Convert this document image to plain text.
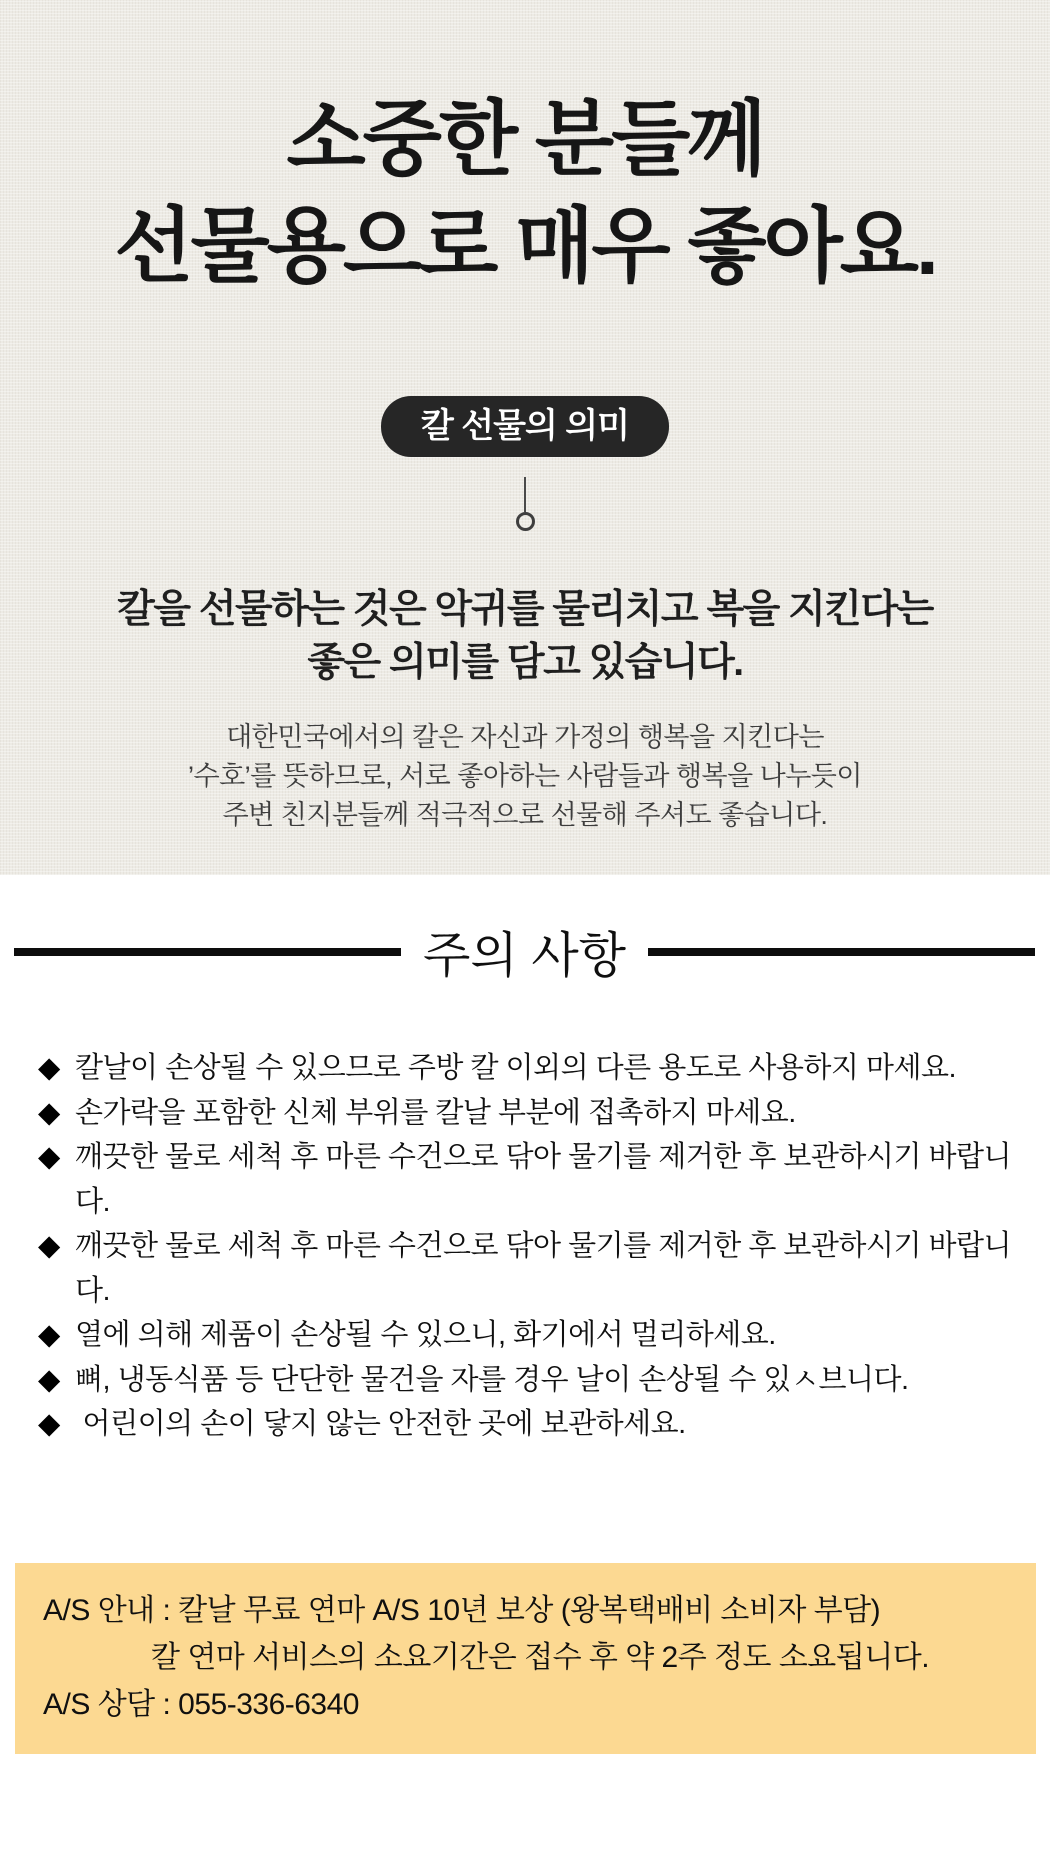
소중한 분들께
선물용으로 매우 좋아요.
칼 선물의 의미

칼을 선물하는 것은 악귀를 물리치고 복을 지킨다는
좋은 의미를 담고 있습니다.

대한민국에서의 칼은 자신과 가정의 행복을 지킨다는
’수호’를 뜻하므로, 서로 좋아하는 사람들과 행복을 나누듯이
주변 친지분들께 적극적으로 선물해 주셔도 좋습니다.

주의 사항
◆ 칼날이 손상될 수 있으므로 주방 칼 이외의 다른 용도로 사용하지 마세요.
◆ 손가락을 포함한 신체 부위를 칼날 부분에 접촉하지 마세요.
◆ 깨끗한 물로 세척 후 마른 수건으로 닦아 물기를 제거한 후 보관하시기 바랍니다.
◆ 깨끗한 물로 세척 후 마른 수건으로 닦아 물기를 제거한 후 보관하시기 바랍니다.
◆ 열에 의해 제품이 손상될 수 있으니, 화기에서 멀리하세요.
◆ 뼈, 냉동식품 등 단단한 물건을 자를 경우 날이 손상될 수 있ㅅ브니다.
◆ 어린이의 손이 닿지 않는 안전한 곳에 보관하세요.
A/S 안내 : 칼날 무료 연마 A/S 10년 보상 (왕복택배비 소비자 부담)
칼 연마 서비스의 소요기간은 접수 후 약 2주 정도 소요됩니다.
A/S 상담 : 055-336-6340
